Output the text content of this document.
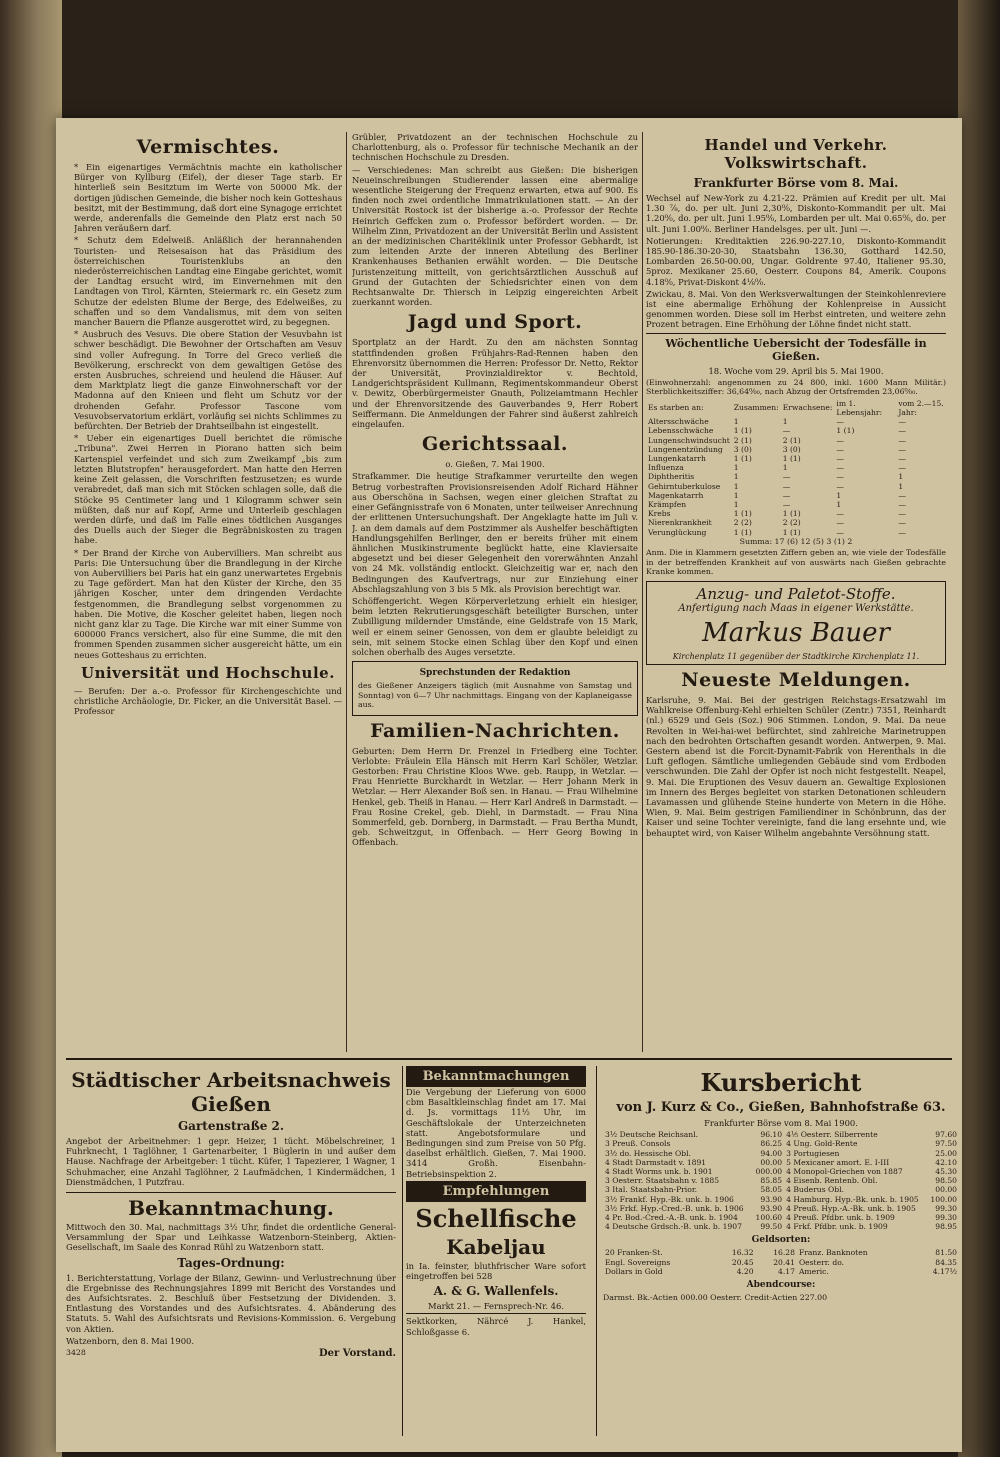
Vermischtes.

* Ein eigenartiges Vermächtnis machte ein katholischer Bürger von Kyllburg (Eifel), der dieser Tage starb. Er hinterließ sein Besitztum im Werte von 50000 Mk. der dortigen jüdischen Gemeinde, die bisher noch kein Gotteshaus besitzt, mit der Bestimmung, daß dort eine Synagoge errichtet werde, anderenfalls die Gemeinde den Platz erst nach 50 Jahren veräußern darf.

* Schutz dem Edelweiß. Anläßlich der herannahenden Touristen- und Reisesaison hat das Präsidium des österreichischen Touristenklubs an den niederösterreichischen Landtag eine Eingabe gerichtet, womit der Landtag ersucht wird, im Einvernehmen mit den Landtagen von Tirol, Kärnten, Steiermark rc. ein Gesetz zum Schutze der edelsten Blume der Berge, des Edelweißes, zu schaffen und so dem Vandalismus, mit dem von seiten mancher Bauern die Pflanze ausgerottet wird, zu begegnen.

* Ausbruch des Vesuvs. Die obere Station der Vesuvbahn ist schwer beschädigt. Die Bewohner der Ortschaften am Vesuv sind voller Aufregung. In Torre del Greco verließ die Bevölkerung, erschreckt von dem gewaltigen Getöse des ersten Ausbruches, schreiend und heulend die Häuser. Auf dem Marktplatz liegt die ganze Einwohnerschaft vor der Madonna auf den Knieen und fleht um Schutz vor der drohenden Gefahr. Professor Tascone vom Vesuvobservatorium erklärt, vorläufig sei nichts Schlimmes zu befürchten. Der Betrieb der Drahtseilbahn ist eingestellt.

* Ueber ein eigenartiges Duell berichtet die römische „Tribuna". Zwei Herren in Piorano hatten sich beim Kartenspiel verfeindet und sich zum Zweikampf „bis zum letzten Blutstropfen" herausgefordert. Man hatte den Herren keine Zeit gelassen, die Vorschriften festzusetzen; es wurde verabredet, daß man sich mit Stöcken schlagen solle, daß die Stöcke 95 Centimeter lang und 1 Kilogramm schwer sein müßten, daß nur auf Kopf, Arme und Unterleib geschlagen werden dürfe, und daß im Falle eines tödtlichen Ausganges des Duells auch der Sieger die Begräbniskosten zu tragen habe.

* Der Brand der Kirche von Aubervilliers. Man schreibt aus Paris: Die Untersuchung über die Brandlegung in der Kirche von Aubervilliers bei Paris hat ein ganz unerwartetes Ergebnis zu Tage gefördert. Man hat den Küster der Kirche, den 35 jährigen Koscher, unter dem dringenden Verdachte festgenommen, die Brandlegung selbst vorgenommen zu haben. Die Motive, die Koscher geleitet haben, liegen noch nicht ganz klar zu Tage. Die Kirche war mit einer Summe von 600000 Francs versichert, also für eine Summe, die mit den frommen Spenden zusammen sicher ausgereicht hätte, um ein neues Gotteshaus zu errichten.

Universität und Hochschule.

— Berufen: Der a.-o. Professor für Kirchengeschichte und christliche Archäologie, Dr. Ficker, an die Universität Basel. — Professor

Grübler, Privatdozent an der technischen Hochschule zu Charlottenburg, als o. Professor für technische Mechanik an der technischen Hochschule zu Dresden.

— Verschiedenes: Man schreibt aus Gießen: Die bisherigen Neueinschreibungen Studierender lassen eine abermalige wesentliche Steigerung der Frequenz erwarten, etwa auf 900. Es finden noch zwei ordentliche Immatrikulationen statt. — An der Universität Rostock ist der bisherige a.-o. Professor der Rechte Heinrich Geffcken zum o. Professor befördert worden. — Dr. Wilhelm Zinn, Privatdozent an der Universität Berlin und Assistent an der medizinischen Charitéklinik unter Professor Gebhardt, ist zum leitenden Arzte der inneren Abteilung des Berliner Krankenhauses Bethanien erwählt worden. — Die Deutsche Juristenzeitung mitteilt, von gerichtsärztlichen Ausschuß auf Grund der Gutachten der Schiedsrichter einen von dem Rechtsanwalte Dr. Thiersch in Leipzig eingereichten Arbeit zuerkannt worden.

Jagd und Sport.

Sportplatz an der Hardt. Zu den am nächsten Sonntag stattfindenden großen Frühjahrs-Rad-Rennen haben den Ehrenvorsitz übernommen die Herren: Professor Dr. Netto, Rektor der Universität, Provinzialdirektor v. Bechtold, Landgerichtspräsident Kullmann, Regimentskommandeur Oberst v. Dewitz, Oberbürgermeister Gnauth, Polizeiamtmann Hechler und der Ehrenvorsitzende des Gauverbandes 9, Herr Robert Seiffermann. Die Anmeldungen der Fahrer sind äußerst zahlreich eingelaufen.

Gerichtssaal.

o. Gießen, 7. Mai 1900.

Strafkammer. Die heutige Strafkammer verurteilte den wegen Betrug vorbestraften Provisionsreisenden Adolf Richard Hähner aus Oberschöna in Sachsen, wegen einer gleichen Straftat zu einer Gefängnisstrafe von 6 Monaten, unter teilweiser Anrechnung der erlittenen Untersuchungshaft. Der Angeklagte hatte im Juli v. J. an dem damals auf dem Postzimmer als Aushelfer beschäftigten Handlungsgehilfen Berlinger, den er bereits früher mit einem ähnlichen Musikinstrumente beglückt hatte, eine Klaviersaite abgesetzt und bei dieser Gelegenheit den vorerwähnten Anzahl von 24 Mk. vollständig entlockt. Gleichzeitig war er, nach den Bedingungen des Kaufvertrags, nur zur Einziehung einer Abschlagszahlung von 3 bis 5 Mk. als Provision berechtigt war.

Schöffengericht. Wegen Körperverletzung erhielt ein hiesiger, beim letzten Rekrutierungsgeschäft beteiligter Burschen, unter Zubilligung mildernder Umstände, eine Geldstrafe von 15 Mark, weil er einem seiner Genossen, von dem er glaubte beleidigt zu sein, mit seinem Stocke einen Schlag über den Kopf und einen solchen oberhalb des Auges versetzte.

Sprechstunden der Redaktion

des Gießener Anzeigers täglich (mit Ausnahme von Samstag und Sonntag) von 6—7 Uhr nachmittags. Eingang von der Kaplaneigasse aus.

Familien-Nachrichten.

Geburten: Dem Herrn Dr. Frenzel in Friedberg eine Tochter. Verlobte: Fräulein Ella Hänsch mit Herrn Karl Schöler, Wetzlar. Gestorben: Frau Christine Kloos Wwe. geb. Raupp, in Wetzlar. — Frau Henriette Burckhardt in Wetzlar. — Herr Johann Merk in Wetzlar. — Herr Alexander Boß sen. in Hanau. — Frau Wilhelmine Henkel, geb. Theiß in Hanau. — Herr Karl Andreß in Darmstadt. — Frau Rosine Crekel, geb. Diehl, in Darmstadt. — Frau Nina Sommerfeld, geb. Dornberg, in Darmstadt. — Frau Bertha Mundt, geb. Schweitzgut, in Offenbach. — Herr Georg Bowing in Offenbach.

Handel und Verkehr. Volkswirtschaft.
Frankfurter Börse vom 8. Mai.

Wechsel auf New-York zu 4.21-22. Prämien auf Kredit per ult. Mai 1.30 ⁷⁄₈, do. per ult. Juni 2,30⁰⁄₀, Diskonto-Kommandit per ult. Mai 1.20⁰⁄₀, do. per ult. Juni 1.95⁰⁄₀, Lombarden per ult. Mai 0.65⁰⁄₀, do. per ult. Juni 1.00⁰⁄₀. Berliner Handelsges. per ult. Juni —.

Notierungen: Kreditaktien 226.90-227.10, Diskonto-Kommandit 185.90-186.30-20-30, Staatsbahn 136.30, Gotthard 142.50, Lombarden 26.50-00.00, Ungar. Goldrente 97.40, Italiener 95.30, 5proz. Mexikaner 25.60, Oesterr. Coupons 84, Amerik. Coupons 4.18⁰⁄₀, Privat-Diskont 4¹⁄₈⁰⁄₀.

Zwickau, 8. Mai. Von den Werksverwaltungen der Steinkohlenreviere ist eine abermalige Erhöhung der Kohlenpreise in Aussicht genommen worden. Diese soll im Herbst eintreten, und weitere zehn Prozent betragen. Eine Erhöhung der Löhne findet nicht statt.

Wöchentliche Uebersicht der Todesfälle in Gießen.

18. Woche vom 29. April bis 5. Mai 1900.

(Einwohnerzahl: angenommen zu 24 800, inkl. 1600 Mann Militär.) Sterblichkeitsziffer: 36,64⁰⁄₀₀, nach Abzug der Ortsfremden 23,06⁰⁄₀₀.

Es starben an:	Zusammen:	Erwachsene:	im 1. Lebensjahr:	vom 2.—15. Jahr:
Altersschwäche	1	1	—	—
Lebensschwäche	1 (1)	—	1 (1)	—
Lungenschwindsucht	2 (1)	2 (1)	—	—
Lungenentzündung	3 (0)	3 (0)	—	—
Lungenkatarrh	1 (1)	1 (1)	—	—
Influenza	1	1	—	—
Diphtheritis	1	—	—	1
Gehirntuberkulose	1	—	—	1
Magenkatarrh	1	—	1	—
Krämpfen	1	—	1	—
Krebs	1 (1)	1 (1)	—	—
Nierenkrankheit	2 (2)	2 (2)	—	—
Verunglückung	1 (1)	1 (1)	—	—

Summa: 17 (6) 12 (5) 3 (1) 2

Anm. Die in Klammern gesetzten Ziffern geben an, wie viele der Todesfälle in der betreffenden Krankheit auf von auswärts nach Gießen gebrachte Kranke kommen.

Anzug- und Paletot-Stoffe.
Anfertigung nach Maas in eigener Werkstätte.
Markus Bauer
Kirchenplatz 11 gegenüber der Stadtkirche Kirchenplatz 11.
Neueste Meldungen.

Karlsruhe, 9. Mai. Bei der gestrigen Reichstags-Ersatzwahl im Wahlkreise Offenburg-Kehl erhielten Schüler (Zentr.) 7351, Reinhardt (nl.) 6529 und Geis (Soz.) 906 Stimmen. London, 9. Mai. Da neue Revolten in Wei-hai-wei befürchtet, sind zahlreiche Marinetruppen nach den bedrohten Ortschaften gesandt worden. Antwerpen, 9. Mai. Gestern abend ist die Forcit-Dynamit-Fabrik von Herenthals in die Luft geflogen. Sämtliche umliegenden Gebäude sind vom Erdboden verschwunden. Die Zahl der Opfer ist noch nicht festgestellt. Neapel, 9. Mai. Die Eruptionen des Vesuv dauern an. Gewaltige Explosionen im Innern des Berges begleitet von starken Detonationen schleudern Lavamassen und glühende Steine hunderte von Metern in die Höhe. Wien, 9. Mai. Beim gestrigen Familiendiner in Schönbrunn, das der Kaiser und seine Tochter vereinigte, fand die lang ersehnte und, wie behauptet wird, von Kaiser Wilhelm angebahnte Versöhnung statt.

Städtischer Arbeitsnachweis Gießen
Gartenstraße 2.

Angebot der Arbeitnehmer: 1 gepr. Heizer, 1 tücht. Möbelschreiner, 1 Fuhrknecht, 1 Taglöhner, 1 Gartenarbeiter, 1 Büglerin in und außer dem Hause. Nachfrage der Arbeitgeber: 1 tücht. Küfer, 1 Tapezierer, 1 Wagner, 1 Schuhmacher, eine Anzahl Taglöhner, 2 Laufmädchen, 1 Kindermädchen, 1 Dienstmädchen, 1 Putzfrau.

Bekanntmachung.

Mittwoch den 30. Mai, nachmittags 3¹⁄₂ Uhr, findet die ordentliche General-Versammlung der Spar und Leihkasse Watzenborn-Steinberg, Aktien-Gesellschaft, im Saale des Konrad Rühl zu Watzenborn statt.

Tages-Ordnung:

1. Berichterstattung, Vorlage der Bilanz, Gewinn- und Verlustrechnung über die Ergebnisse des Rechnungsjahres 1899 mit Bericht des Vorstandes und des Aufsichtsrates. 2. Beschluß über Festsetzung der Dividenden. 3. Entlastung des Vorstandes und des Aufsichtsrates. 4. Abänderung des Statuts. 5. Wahl des Aufsichtsrats und Revisions-Kommission. 6. Vergebung von Aktien.

Watzenborn, den 8. Mai 1900.

3428	Der Vorstand.
Bekanntmachungen

Die Vergebung der Lieferung von 6000 cbm Basaltkleinschlag findet am 17. Mai d. Js. vormittags 11¹⁄₂ Uhr, im Geschäftslokale der Unterzeichneten statt. Angebotsformulare und Bedingungen sind zum Preise von 50 Pfg. daselbst erhältlich. Gießen, 7. Mai 1900. 3414 Großh. Eisenbahn-Betriebsinspektion 2.

Empfehlungen
Schellfische
Kabeljau

in Ia. feinster, bluthfrischer Ware sofort eingetroffen bei 528

A. & G. Wallenfels.

Markt 21. — Fernsprech-Nr. 46.

Sektkorken, Nährcé J. Hankel, Schloßgasse 6.

Kursbericht
von J. Kurz & Co., Gießen, Bahnhofstraße 63.

Frankfurter Börse vom 8. Mai 1900.

3¹⁄₂ Deutsche Reichsanl.	96.10	4¹⁄₅ Oesterr. Silberrente	97.60
3 Preuß. Consols	86.25	4 Ung. Gold-Rente	97.50
3¹⁄₂ do. Hessische Obl.	94.00	3 Portugiesen	25.00
4 Stadt Darmstadt v. 1891	00.00	5 Mexicaner amort. E. I-III	42.10
4 Stadt Worms unk. b. 1901	000.00	4 Monopol-Griechen von 1887	45.30
3 Oesterr. Staatsbahn v. 1885	85.85	4 Eisenb. Rentenb. Obl.	98.50
3 Ital. Staatsbahn-Prior.	58.05	4 Buderus Obl.	00.00
3¹⁄₂ Frankf. Hyp.-Bk. unk. b. 1906	93.90	4 Hamburg. Hyp.-Bk. unk. b. 1905	100.00
3¹⁄₂ Frkf. Hyp.-Cred.-B. unk. b. 1906	93.90	4 Preuß. Hyp.-A.-Bk. unk. b. 1905	99.30
4 Pr. Bod.-Cred.-A.-B. unk. b. 1904	100.60	4 Preuß. Pfdbr. unk. b. 1909	99.30
4 Deutsche Grdsch.-B. unk. b. 1907	99.50	4 Frkf. Pfdbr. unk. b. 1909	98.95
Geldsorten:
20 Franken-St.	16.32	16.28	Franz. Banknoten	81.50
Engl. Sovereigns	20.45	20.41	Oesterr. do.	84.35
Dollars in Gold	4.20	4.17	Americ.	4.17¹⁄₂
Abendcourse:

Darmst. Bk.-Actien 000.00 Oesterr. Credit-Actien 227.00
